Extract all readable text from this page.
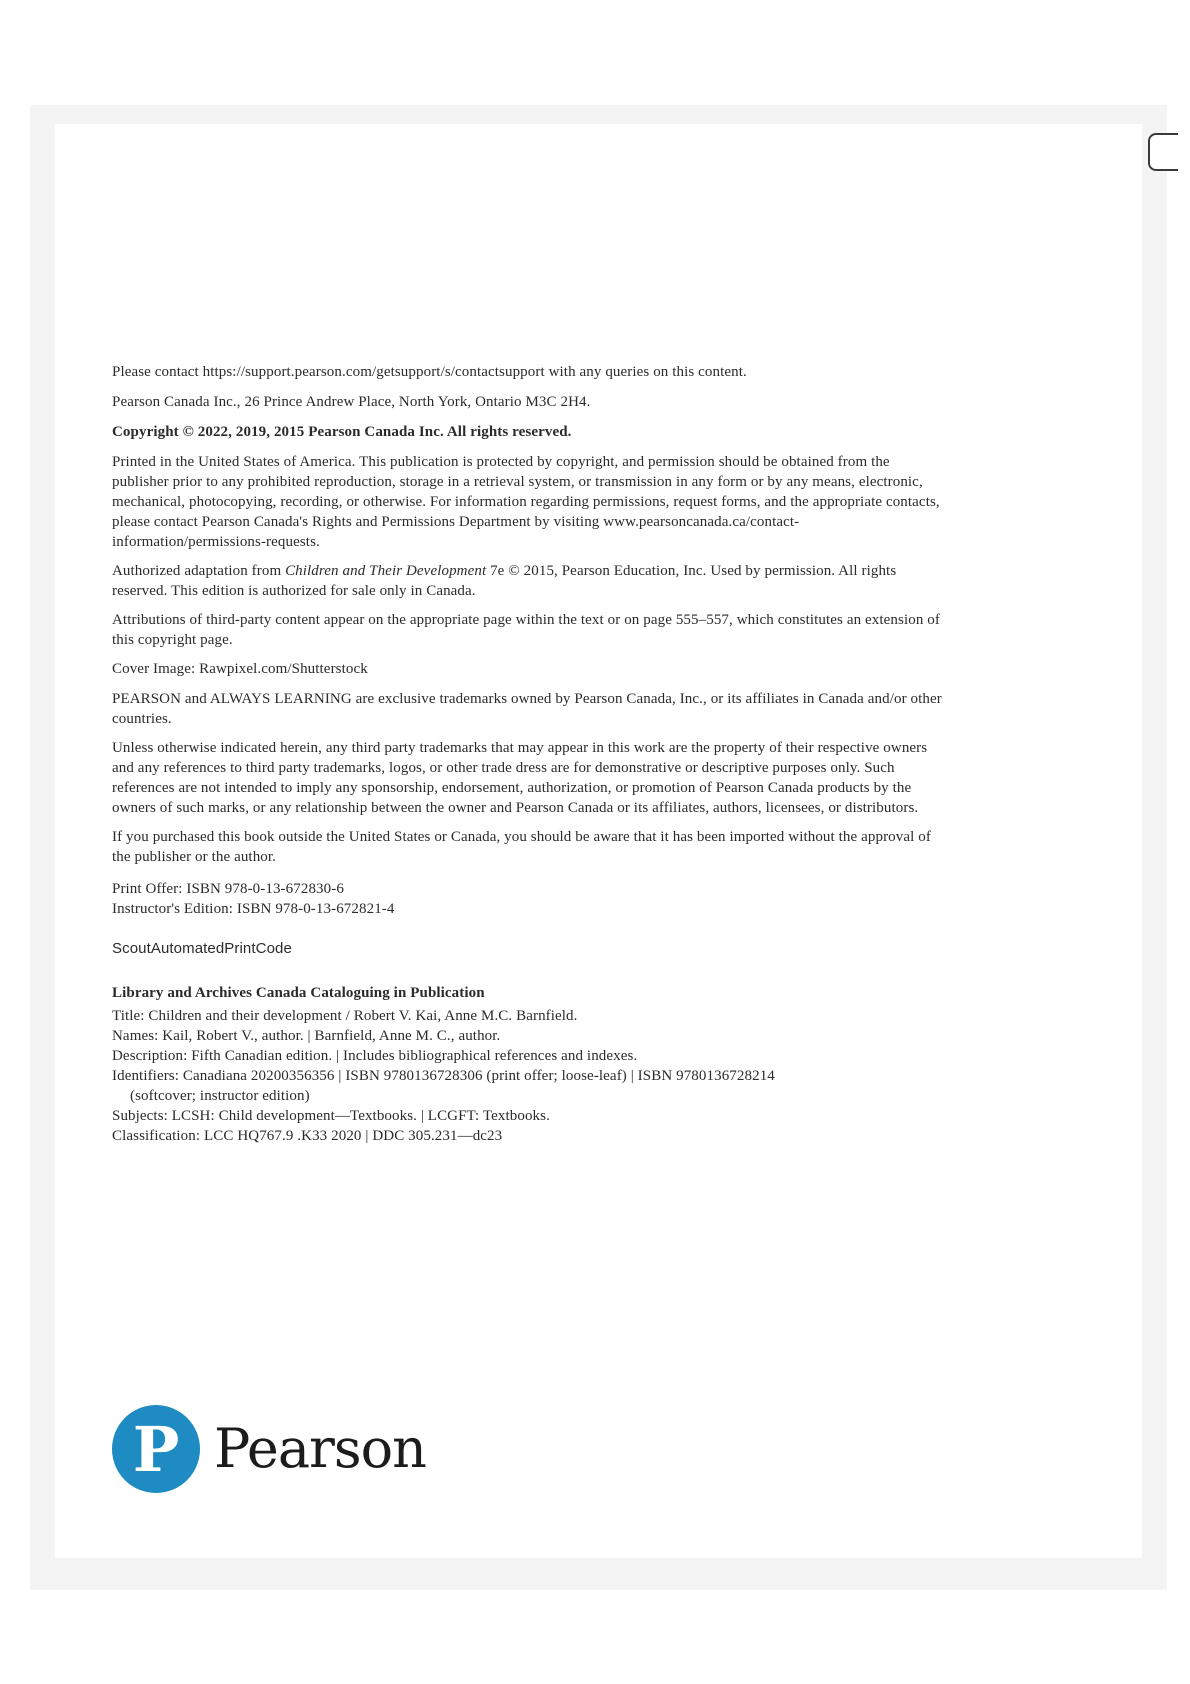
Please contact https://support.pearson.com/getsupport/s/contactsupport with any queries on this content.

Pearson Canada Inc., 26 Prince Andrew Place, North York, Ontario M3C 2H4.

Copyright © 2022, 2019, 2015 Pearson Canada Inc. All rights reserved.

Printed in the United States of America. This publication is protected by copyright, and permission should be obtained from the publisher prior to any prohibited reproduction, storage in a retrieval system, or transmission in any form or by any means, electronic, mechanical, photocopying, recording, or otherwise. For information regarding permissions, request forms, and the appropriate contacts, please contact Pearson Canada's Rights and Permissions Department by visiting www.pearsoncanada.ca/contact-information/permissions-requests.

Authorized adaptation from Children and Their Development 7e © 2015, Pearson Education, Inc. Used by permission. All rights reserved. This edition is authorized for sale only in Canada.

Attributions of third-party content appear on the appropriate page within the text or on page 555–557, which constitutes an extension of this copyright page.

Cover Image: Rawpixel.com/Shutterstock

PEARSON and ALWAYS LEARNING are exclusive trademarks owned by Pearson Canada, Inc., or its affiliates in Canada and/or other countries.

Unless otherwise indicated herein, any third party trademarks that may appear in this work are the property of their respective owners and any references to third party trademarks, logos, or other trade dress are for demonstrative or descriptive purposes only. Such references are not intended to imply any sponsorship, endorsement, authorization, or promotion of Pearson Canada products by the owners of such marks, or any relationship between the owner and Pearson Canada or its affiliates, authors, licensees, or distributors.

If you purchased this book outside the United States or Canada, you should be aware that it has been imported without the approval of the publisher or the author.

Print Offer: ISBN 978-0-13-672830-6
Instructor's Edition: ISBN 978-0-13-672821-4

ScoutAutomatedPrintCode

Library and Archives Canada Cataloguing in Publication
Title: Children and their development / Robert V. Kai, Anne M.C. Barnfield.
Names: Kail, Robert V., author. | Barnfield, Anne M. C., author.
Description: Fifth Canadian edition. | Includes bibliographical references and indexes.
Identifiers: Canadiana 20200356356 | ISBN 9780136728306 (print offer; loose-leaf) | ISBN 9780136728214
(softcover; instructor edition)
Subjects: LCSH: Child development—Textbooks. | LCGFT: Textbooks.
Classification: LCC HQ767.9 .K33 2020 | DDC 305.231—dc23
P Pearson
